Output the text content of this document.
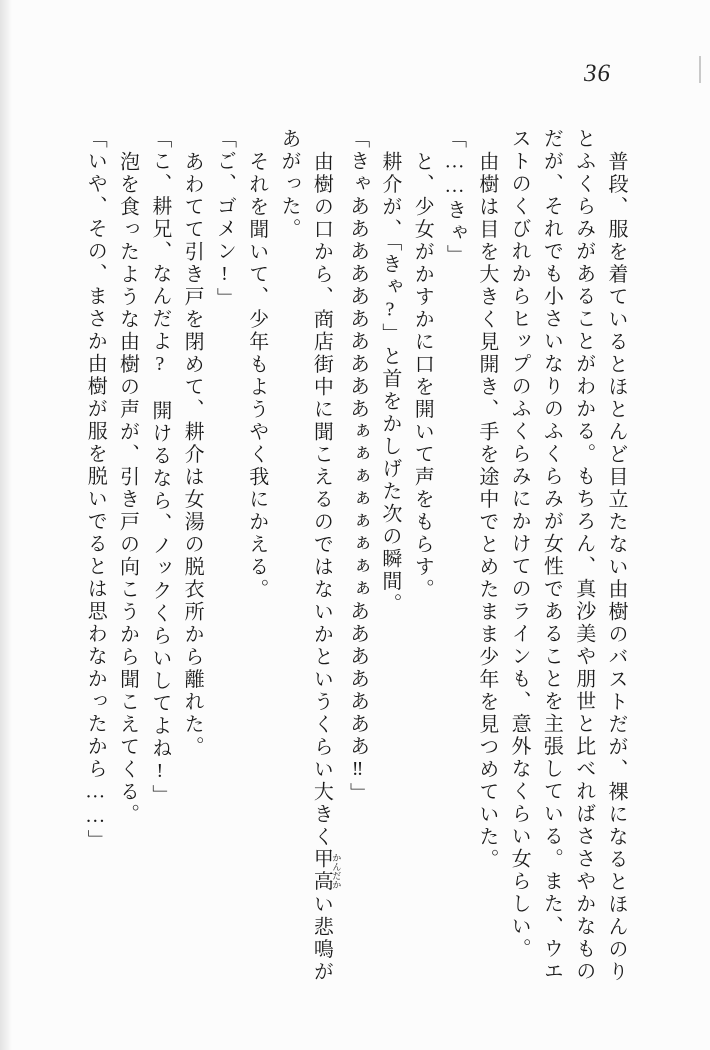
36

普段、服を着ているとほとんど目立たない由樹のバストだが、裸になるとほんのりとふくらみがあることがわかる。もちろん、真沙美や朋世と比べればささやかなものだが、それでも小さいなりのふくらみが女性であることを主張している。また、ウエストのくびれからヒップのふくらみにかけてのラインも、意外なくらい女らしい。

由樹は目を大きく見開き、手を途中でとめたまま少年を見つめていた。

「……きゃ」

と、少女がかすかに口を開いて声をもらす。

耕介が、「きゃ?」と首をかしげた次の瞬間。

「きゃああああああああああぁぁぁぁぁぁぁぁあああああああ‼」

由樹の口から、商店街中に聞こえるのではないかというくらい大きく甲高 かんだかい悲鳴があがった。

それを聞いて、少年もようやく我にかえる。

「ご、ゴメン!」

あわてて引き戸を閉めて、耕介は女湯の脱衣所から離れた。

「こ、耕兄、なんだよ?　開けるなら、ノックくらいしてよね!」

泡を食ったような由樹の声が、引き戸の向こうから聞こえてくる。

「いや、その、まさか由樹が服を脱いでるとは思わなかったから……」
